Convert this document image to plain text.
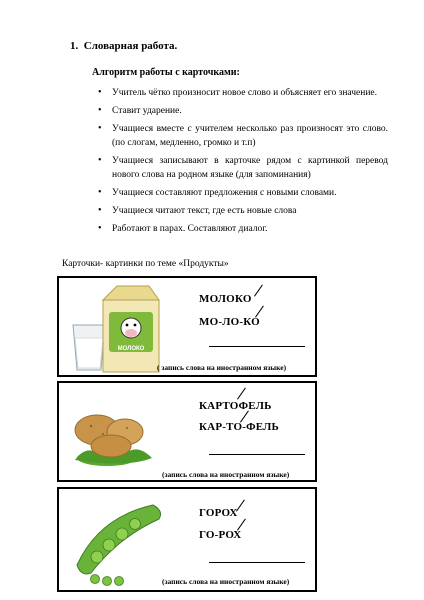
1. Словарная работа.
Алгоритм работы с карточками:
• Учитель чётко произносит новое слово и объясняет его значение.
• Ставит ударение.
• Учащиеся вместе с учителем несколько раз произносят это слово. (по слогам, медленно, громко и т.п)
• Учащиеся записывают в карточке рядом с картинкой перевод нового слова на родном языке (для запоминания)
• Учащиеся составляют предложения с новыми словами.
• Учащиеся читают текст, где есть новые слова
• Работают в парах. Составляют диалог.
Карточки- картинки по теме «Продукты»
МОЛОКО
МОЛОКО
МО-ЛО-КО
( запись слова на иностранном языке)
КАРТОФЕЛЬ
КАР-ТО-ФЕЛЬ
(запись слова на иностранном языке)
ГОРОХ
ГО-РОХ
(запись слова на иностранном языке)
